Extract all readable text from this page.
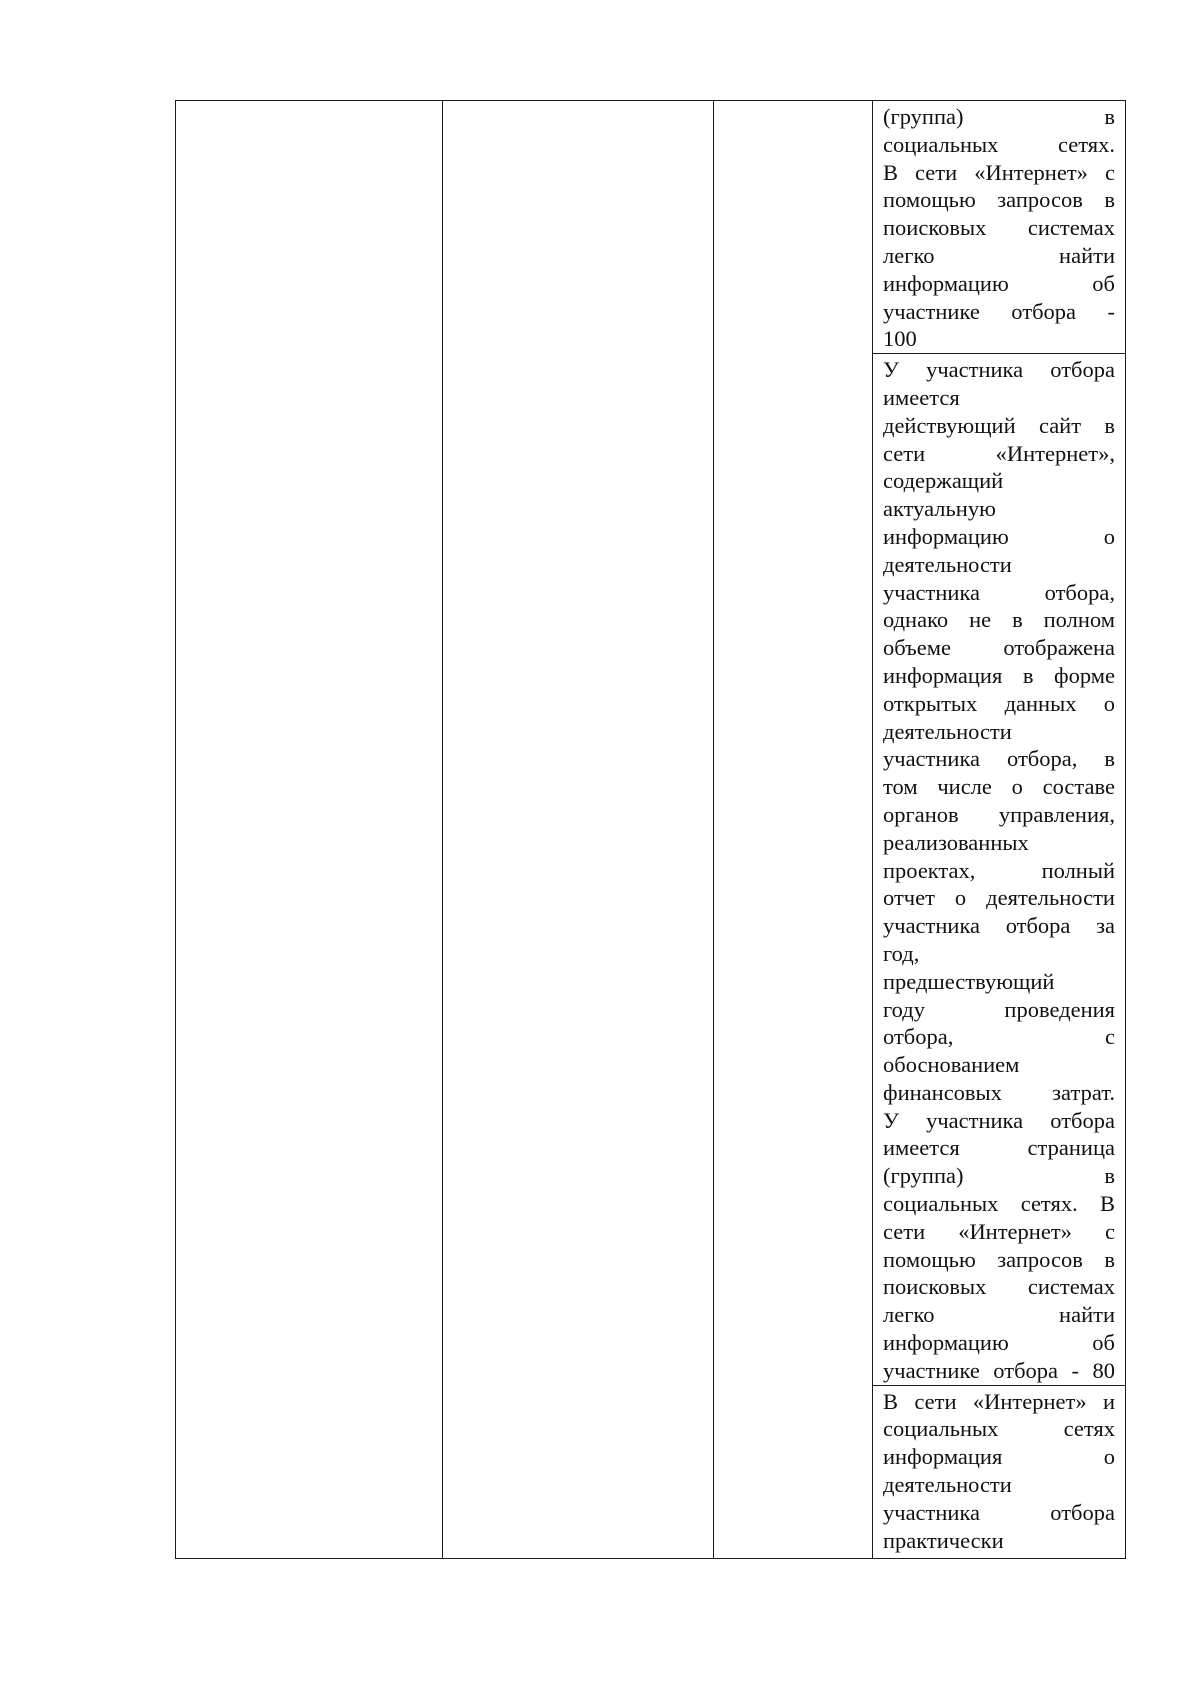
(группа)	в
социальных	сетях.
В сети «Интернет» с
помощью запросов в
поисковых системах
легко	найти
информацию	об
участнике отбора -
100

У участника отбора
имеется
действующий сайт в
сети	«Интернет»,
содержащий
актуальную
информацию	о
деятельности
участника	отбора,
однако не в полном
объеме отображена
информация в форме
открытых данных о
деятельности
участника отбора, в
том числе о составе
органов управления,
реализованных
проектах,	полный
отчет о деятельности
участника отбора за
год,
предшествующий
году	проведения
отбора,	с
обоснованием
финансовых затрат.
У участника отбора
имеется	страница
(группа)	в
социальных сетях. В
сети «Интернет» с
помощью запросов в
поисковых системах
легко	найти
информацию	об
участнике отбора - 80

В сети «Интернет» и
социальных	сетях
информация	о
деятельности
участника	отбора
практически
